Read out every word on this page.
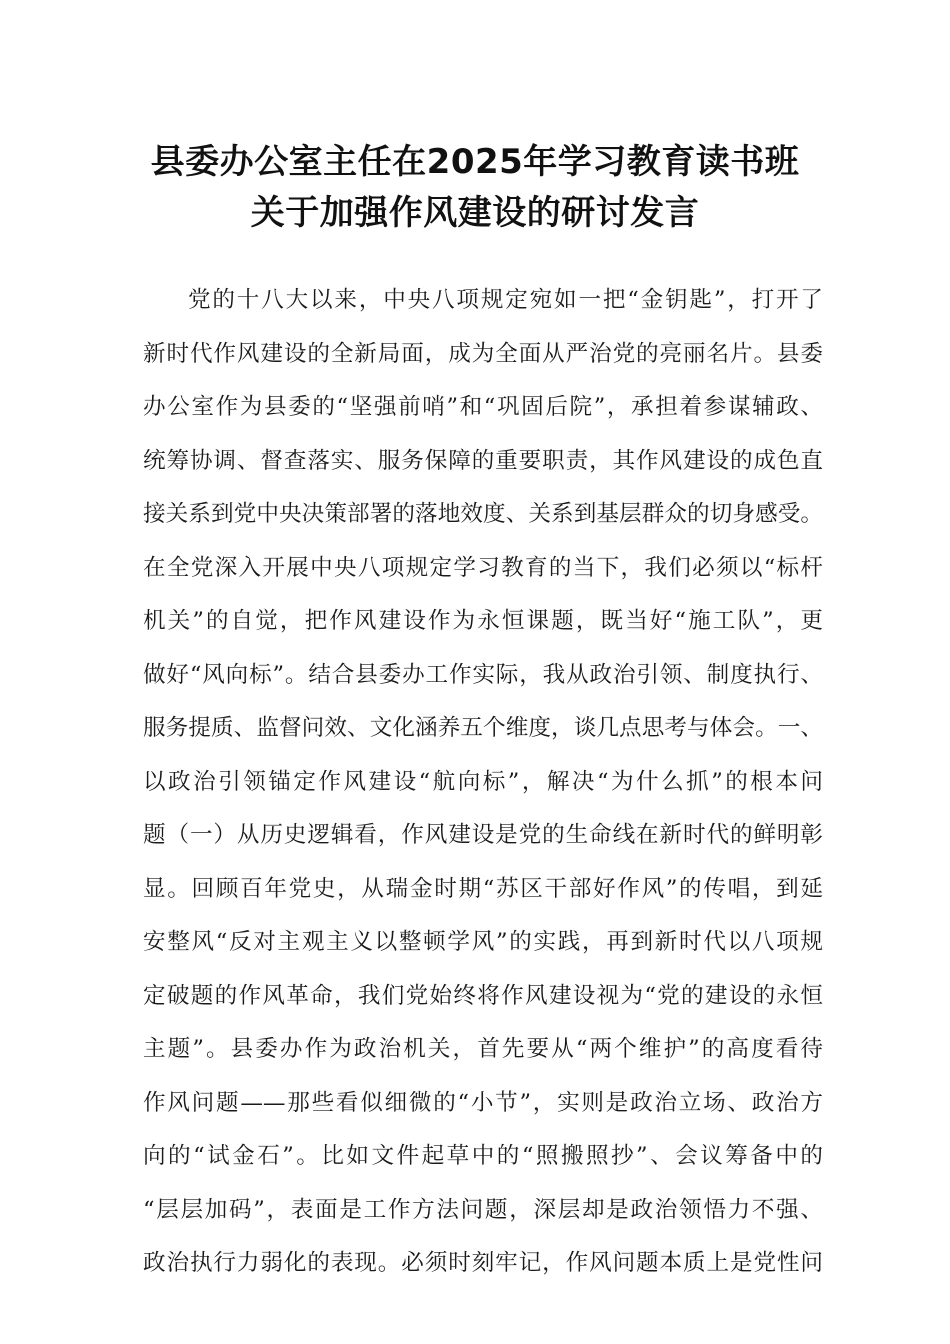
县委办公室主任在2025年学习教育读书班
关于加强作风建设的研讨发言
党的十八大以来，中央八项规定宛如一把“金钥匙”，打开了
新时代作风建设的全新局面，成为全面从严治党的亮丽名片。县委
办公室作为县委的“坚强前哨”和“巩固后院”，承担着参谋辅政、
统筹协调、督查落实、服务保障的重要职责，其作风建设的成色直
接关系到党中央决策部署的落地效度、关系到基层群众的切身感受。
在全党深入开展中央八项规定学习教育的当下，我们必须以“标杆
机关”的自觉，把作风建设作为永恒课题，既当好“施工队”，更
做好“风向标”。结合县委办工作实际，我从政治引领、制度执行、
服务提质、监督问效、文化涵养五个维度，谈几点思考与体会。一、
以政治引领锚定作风建设“航向标”，解决“为什么抓”的根本问
题（一）从历史逻辑看，作风建设是党的生命线在新时代的鲜明彰
显。回顾百年党史，从瑞金时期“苏区干部好作风”的传唱，到延
安整风“反对主观主义以整顿学风”的实践，再到新时代以八项规
定破题的作风革命，我们党始终将作风建设视为“党的建设的永恒
主题”。县委办作为政治机关，首先要从“两个维护”的高度看待
作风问题——那些看似细微的“小节”，实则是政治立场、政治方
向的“试金石”。比如文件起草中的“照搬照抄”、会议筹备中的
“层层加码”，表面是工作方法问题，深层却是政治领悟力不强、
政治执行力弱化的表现。必须时刻牢记，作风问题本质上是党性问
